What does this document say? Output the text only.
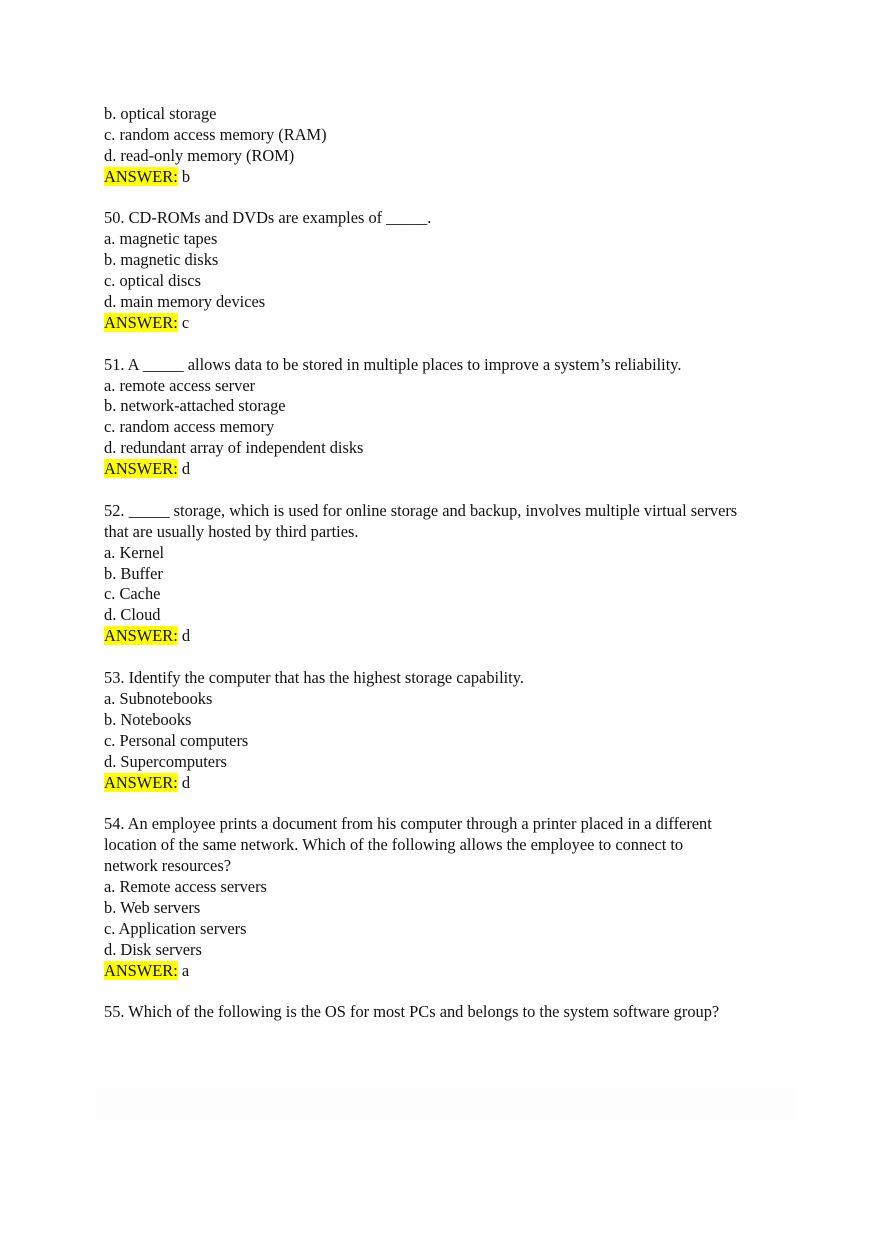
b. optical storage
c. random access memory (RAM)
d. read-only memory (ROM)
ANSWER: b
50. CD-ROMs and DVDs are examples of _____.
a. magnetic tapes
b. magnetic disks
c. optical discs
d. main memory devices
ANSWER: c
51. A _____ allows data to be stored in multiple places to improve a system’s reliability.
a. remote access server
b. network-attached storage
c. random access memory
d. redundant array of independent disks
ANSWER: d
52. _____ storage, which is used for online storage and backup, involves multiple virtual servers
that are usually hosted by third parties.
a. Kernel
b. Buffer
c. Cache
d. Cloud
ANSWER: d
53. Identify the computer that has the highest storage capability.
a. Subnotebooks
b. Notebooks
c. Personal computers
d. Supercomputers
ANSWER: d
54. An employee prints a document from his computer through a printer placed in a different
location of the same network. Which of the following allows the employee to connect to
network resources?
a. Remote access servers
b. Web servers
c. Application servers
d. Disk servers
ANSWER: a
55. Which of the following is the OS for most PCs and belongs to the system software group?
